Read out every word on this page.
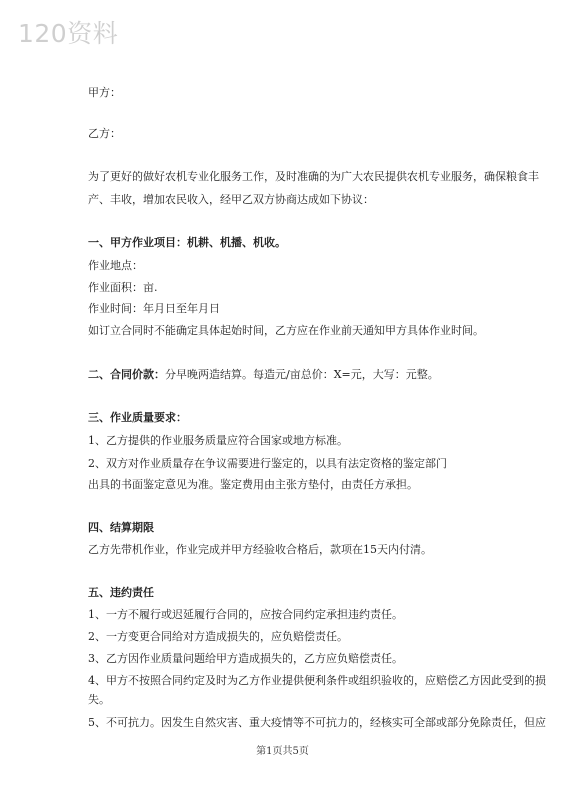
120资料
甲方：
乙方：
为了更好的做好农机专业化服务工作，及时准确的为广大农民提供农机专业服务，确保粮食丰
产、丰收，增加农民收入，经甲乙双方协商达成如下协议：
一、甲方作业项目：机耕、机播、机收。
作业地点：
作业面积：亩.
作业时间：年月日至年月日
如订立合同时不能确定具体起始时间，乙方应在作业前天通知甲方具体作业时间。
二、合同价款：分早晚两造结算。每造元/亩总价：X=元，大写：元整。
三、作业质量要求：
1、乙方提供的作业服务质量应符合国家或地方标准。
2、双方对作业质量存在争议需要进行鉴定的，以具有法定资格的鉴定部门
出具的书面鉴定意见为准。鉴定费用由主张方垫付，由责任方承担。
四、结算期限
乙方先带机作业，作业完成并甲方经验收合格后，款项在15天内付清。
五、违约责任
1、一方不履行或迟延履行合同的，应按合同约定承担违约责任。
2、一方变更合同给对方造成损失的，应负赔偿责任。
3、乙方因作业质量问题给甲方造成损失的，乙方应负赔偿责任。
4、甲方不按照合同约定及时为乙方作业提供便利条件或组织验收的，应赔偿乙方因此受到的损
失。
5、不可抗力。因发生自然灾害、重大疫情等不可抗力的，经核实可全部或部分免除责任，但应
第1页共5页
